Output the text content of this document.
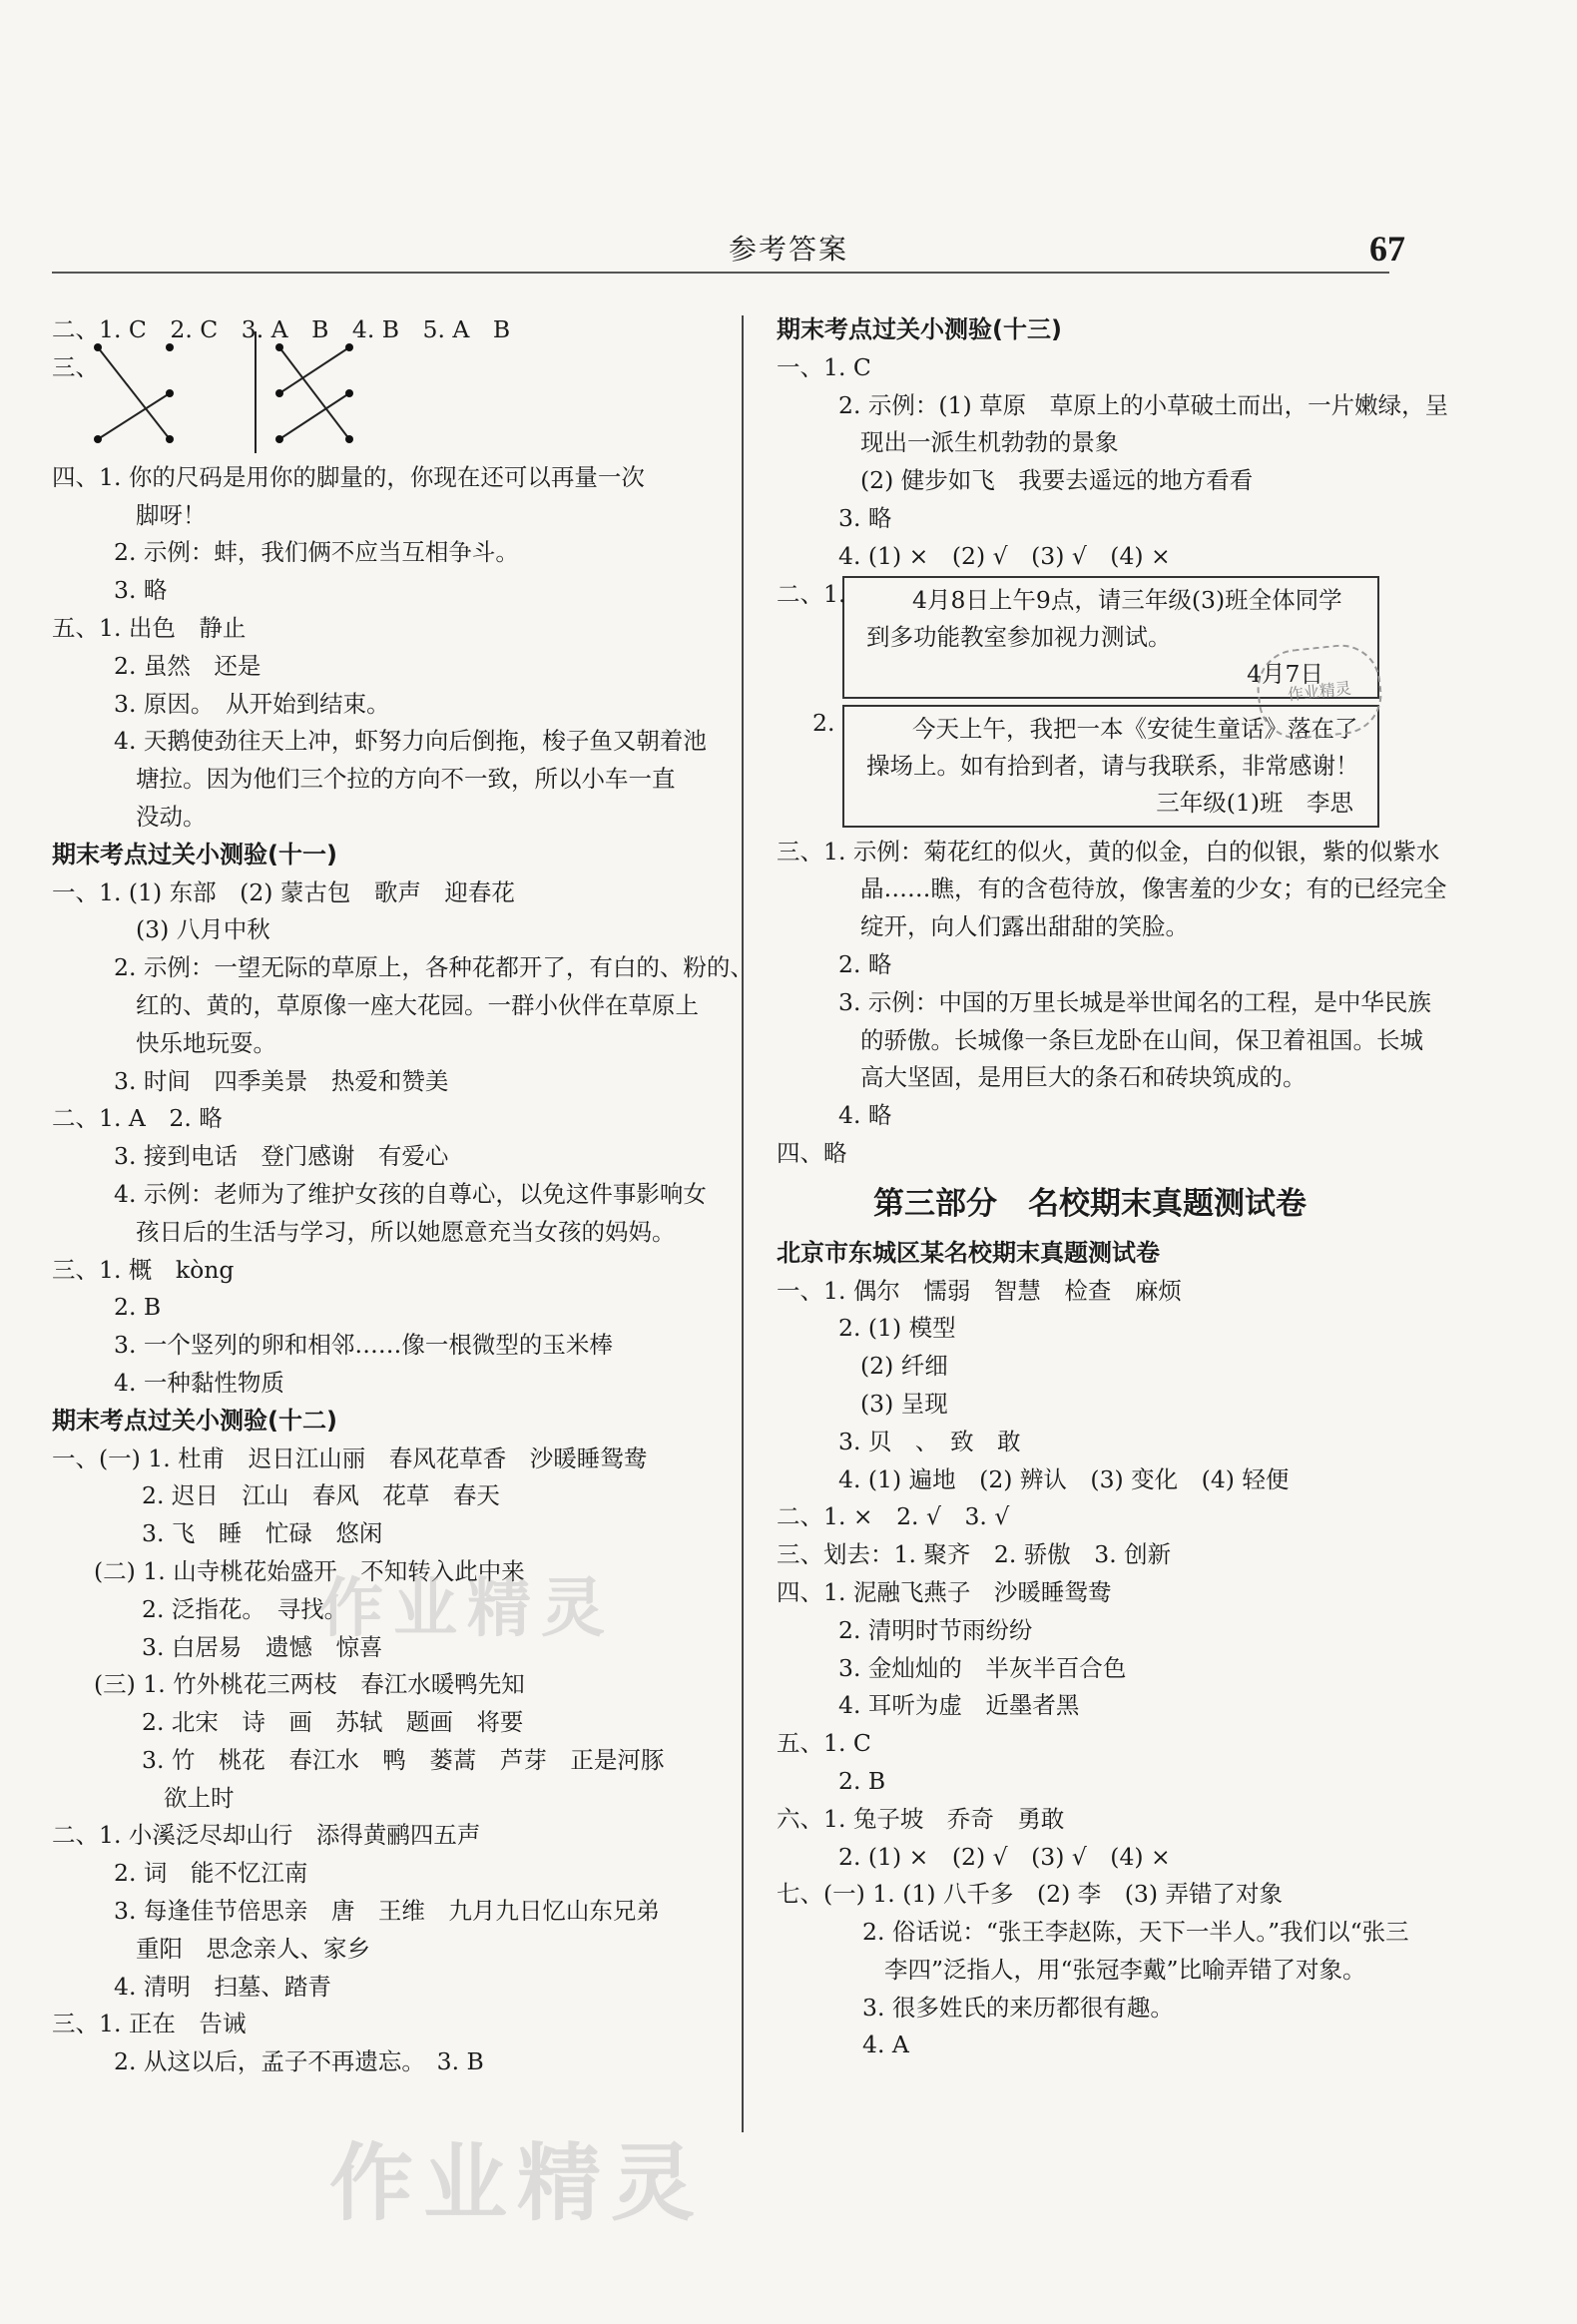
参考答案	67
二、1. C　2. C　3. A　B　4. B　5. A　B
三、
四、1. 你的尺码是用你的脚量的，你现在还可以再量一次
脚呀！
2. 示例：蚌，我们俩不应当互相争斗。
3. 略
五、1. 出色　静止
2. 虽然　还是
3. 原因。　从开始到结束。
4. 天鹅使劲往天上冲，虾努力向后倒拖，梭子鱼又朝着池
塘拉。因为他们三个拉的方向不一致，所以小车一直
没动。
期末考点过关小测验(十一)
一、1. (1) 东部　(2) 蒙古包　歌声　迎春花
(3) 八月中秋
2. 示例：一望无际的草原上，各种花都开了，有白的、粉的、
红的、黄的，草原像一座大花园。一群小伙伴在草原上
快乐地玩耍。
3. 时间　四季美景　热爱和赞美
二、1. A　2. 略
3. 接到电话　登门感谢　有爱心
4. 示例：老师为了维护女孩的自尊心，以免这件事影响女
孩日后的生活与学习，所以她愿意充当女孩的妈妈。
三、1. 概　kòng
2. B
3. 一个竖列的卵和相邻……像一根微型的玉米棒
4. 一种黏性物质
期末考点过关小测验(十二)
一、(一) 1. 杜甫　迟日江山丽　春风花草香　沙暖睡鸳鸯
2. 迟日　江山　春风　花草　春天
3. 飞　睡　忙碌　悠闲
(二) 1. 山寺桃花始盛开　不知转入此中来
2. 泛指花。　寻找。
3. 白居易　遗憾　惊喜
(三) 1. 竹外桃花三两枝　春江水暖鸭先知
2. 北宋　诗　画　苏轼　题画　将要
3. 竹　桃花　春江水　鸭　蒌蒿　芦芽　正是河豚
欲上时
二、1. 小溪泛尽却山行　添得黄鹂四五声
2. 词　能不忆江南
3. 每逢佳节倍思亲　唐　王维　九月九日忆山东兄弟
重阳　思念亲人、家乡
4. 清明　扫墓、踏青
三、1. 正在　告诫
2. 从这以后，孟子不再遗忘。　3. B
期末考点过关小测验(十三)
一、1. C
2. 示例：(1) 草原　草原上的小草破土而出，一片嫩绿，呈
现出一派生机勃勃的景象
(2) 健步如飞　我要去遥远的地方看看
3. 略
4. (1) ×　(2) √　(3) √　(4) ×
二、1.	4月8日上午9点，请三年级(3)班全体同学到多功能教室参加视力测试。
4月7日
2.	今天上午，我把一本《安徒生童话》落在了操场上。如有拾到者，请与我联系，非常感谢！
三年级(1)班　李思
三、1. 示例：菊花红的似火，黄的似金，白的似银，紫的似紫水
晶……瞧，有的含苞待放，像害羞的少女；有的已经完全
绽开，向人们露出甜甜的笑脸。
2. 略
3. 示例：中国的万里长城是举世闻名的工程，是中华民族
的骄傲。长城像一条巨龙卧在山间，保卫着祖国。长城
高大坚固，是用巨大的条石和砖块筑成的。
4. 略
四、略
第三部分　名校期末真题测试卷
北京市东城区某名校期末真题测试卷
一、1. 偶尔　懦弱　智慧　检查　麻烦
2. (1) 模型
(2) 纤细
(3) 呈现
3. 贝　、　致　敢
4. (1) 遍地　(2) 辨认　(3) 变化　(4) 轻便
二、1. ×　2. √　3. √
三、划去：1. 聚齐　2. 骄傲　3. 创新
四、1. 泥融飞燕子　沙暖睡鸳鸯
2. 清明时节雨纷纷
3. 金灿灿的　半灰半百合色
4. 耳听为虚　近墨者黑
五、1. C
2. B
六、1. 兔子坡　乔奇　勇敢
2. (1) ×　(2) √　(3) √　(4) ×
七、(一) 1. (1) 八千多　(2) 李　(3) 弄错了对象
2. 俗话说：“张王李赵陈，天下一半人。”我们以“张三
李四”泛指人，用“张冠李戴”比喻弄错了对象。
3. 很多姓氏的来历都很有趣。
4. A
作业精灵
作业精灵
作业精灵
